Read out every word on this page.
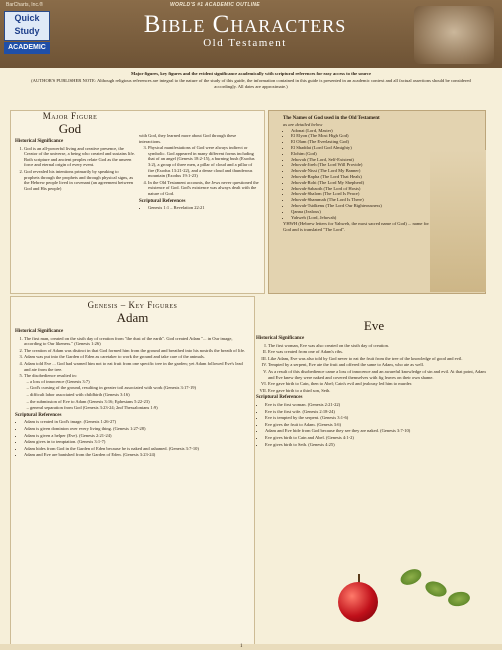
BarCharts, Inc.®	WORLD'S #1 ACADEMIC OUTLINE
Quick
Study
ACADEMIC
Bible Characters
Old Testament

Major figures, key figures and the evident significance academically with scriptural references for easy access to the source

(AUTHOR'S PUBLISHER NOTE: Although religious references are integral to the nature of the study of this guide, the information contained in this guide is presented in an academic context and all factual assertions should be considered accordingly. All dates are approximate.)

Major Figure
God
Historical Significance
1. God is an all-powerful living and creative presence, the Creator of the universe, a being who created and sustains life. Both scripture and ancient peoples relate God as the unseen force and eternal origin of every event.
2. God revealed his intentions primarily by speaking to prophets through the prophets and through physical signs, as the Hebrew people lived in covenant (an agreement between God and His people)

with God, they learned more about God through these interactions.

3. Physical manifestations of God were always indirect or symbolic. God appeared in many different forms including that of an angel (Genesis 18:2-15), a burning bush (Exodus 3:2), a group of three men, a pillar of cloud and a pillar of fire (Exodus 13:21-22), and a dense cloud and thunderous mountain (Exodus 19:1-23)
4. In the Old Testament accounts, the Jews never questioned the existence of God. God's existence was always dealt with the nature of God.
Scriptural References
• Genesis 1:1 – Revelation 22:21
The Names of God used in the Old Testament
as are detailed below
• Adonai (Lord, Master)
• El Elyon (The Most High God)
• El Olam (The Everlasting God)
• El Shaddai (Lord God Almighty)
• Elohim (God)
• Jehovah (The Lord, Self-Existent)
• Jehovah-Jireh (The Lord Will Provide)
• Jehovah-Nissi (The Lord My Banner)
• Jehovah-Rapha (The Lord That Heals)
• Jehovah-Rohi (The Lord My Shepherd)
• Jehovah-Sabaoth (The Lord of Hosts)
• Jehovah-Shalom (The Lord Is Peace)
• Jehovah-Shammah (The Lord Is There)
• Jehovah-Tsidkenu (The Lord Our Righteousness)
• Qanna (Jealous)
• Yahweh (Lord, Jehovah)
YHWH (Hebrew letters for Yahweh, the most sacred name of God) ... name for God and is translated "The Lord".
Genesis – Key Figures
Adam
Historical Significance
1. The first man, created on the sixth day of creation from "the dust of the earth". God created Adam "... in Our image, according to Our likeness." (Genesis 1:26)
2. The creation of Adam was distinct in that God formed him from the ground and breathed into his nostrils the breath of life.
3. Adam was put into the Garden of Eden as caretaker to work the ground and take care of the animals.
4. Adam told Eve ... God had warned him not to eat fruit from one specific tree in the garden; yet Adam followed Eve's lead and ate from the tree.
5. The disobedience resulted in:
– a loss of innocence (Genesis 3:7)
– God's cursing of the ground, resulting in greater toil associated with work (Genesis 3:17-19)
– difficult labor associated with childbirth (Genesis 3:16)
– the submission of Eve to Adam (Genesis 3:16; Ephesians 5:22-23)
– general separation from God (Genesis 3:23-24; 2nd Thessalonians 1:9)
Scriptural References
• Adam is created in God's image. (Genesis 1:26-27)
• Adam is given dominion over every living thing. (Genesis 1:27-28)
• Adam is given a helper (Eve). (Genesis 2:21-24)
• Adam gives in to temptation. (Genesis 3:1-7)
• Adam hides from God in the Garden of Eden because he is naked and ashamed. (Genesis 3:7-10)
• Adam and Eve are banished from the Garden of Eden. (Genesis 3:23-24)
Eve
Historical Significance
I. The first woman, Eve was also created on the sixth day of creation.
II. Eve was created from one of Adam's ribs.
III. Like Adam, Eve was also told by God never to eat the fruit from the tree of the knowledge of good and evil.
IV. Tempted by a serpent, Eve ate the fruit and offered the same to Adam, who ate as well.
V. As a result of this disobedience came a loss of innocence and an awareful knowledge of sin and evil. At that point, Adam and Eve knew they were naked and covered themselves with fig leaves on their own shame.
VI. Eve gave birth to Cain, then to Abel; Cain's evil and jealousy led him to murder.
VII. Eve gave birth to a third son, Seth.
Scriptural References
• Eve is the first woman. (Genesis 2:21-22)
• Eve is the first wife. (Genesis 2:18-24)
• Eve is tempted by the serpent. (Genesis 3:1-6)
• Eve gives the fruit to Adam. (Genesis 3:6)
• Adam and Eve hide from God because they see they are naked. (Genesis 3:7-10)
• Eve gives birth to Cain and Abel. (Genesis 4:1-2)
• Eve gives birth to Seth. (Genesis 4:25)
1
